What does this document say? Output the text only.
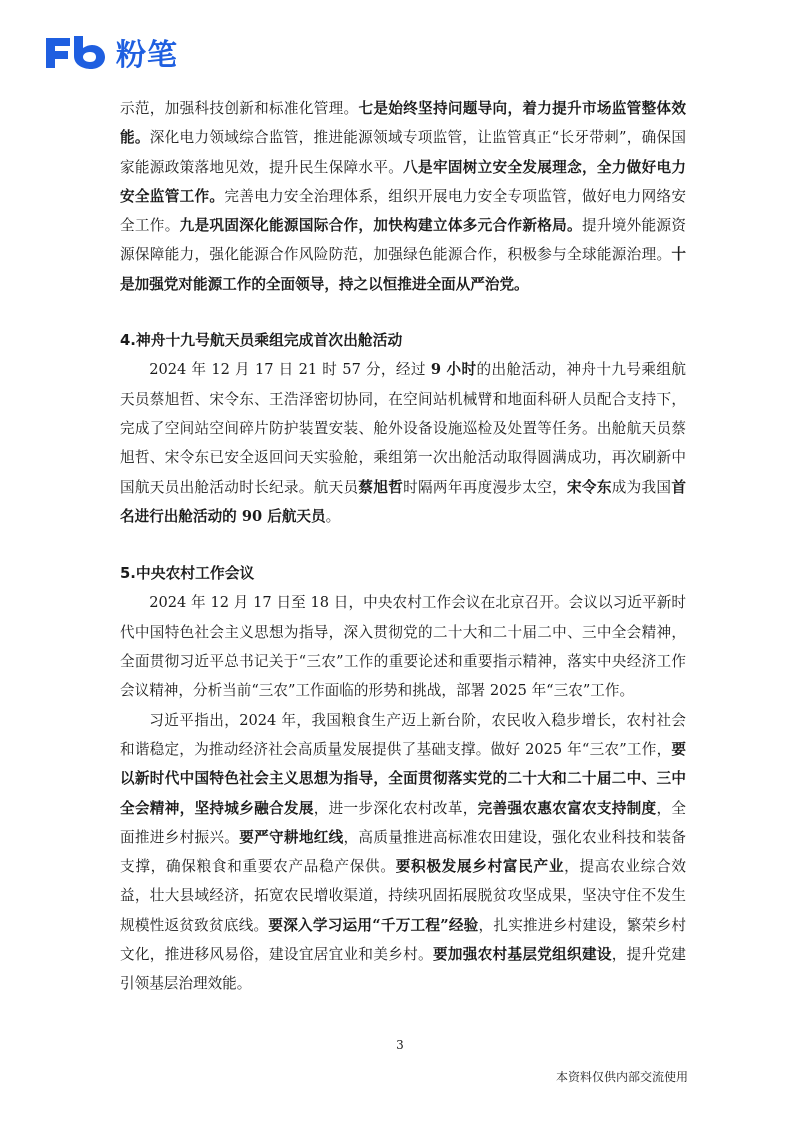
粉笔

示范，加强科技创新和标准化管理。七是始终坚持问题导向，着力提升市场监管整体效能。深化电力领域综合监管，推进能源领域专项监管，让监管真正“长牙带刺”，确保国家能源政策落地见效，提升民生保障水平。八是牢固树立安全发展理念，全力做好电力安全监管工作。完善电力安全治理体系，组织开展电力安全专项监管，做好电力网络安全工作。九是巩固深化能源国际合作，加快构建立体多元合作新格局。提升境外能源资源保障能力，强化能源合作风险防范，加强绿色能源合作，积极参与全球能源治理。十是加强党对能源工作的全面领导，持之以恒推进全面从严治党。

4.神舟十九号航天员乘组完成首次出舱活动

2024 年 12 月 17 日 21 时 57 分，经过 9 小时的出舱活动，神舟十九号乘组航天员蔡旭哲、宋令东、王浩泽密切协同，在空间站机械臂和地面科研人员配合支持下，完成了空间站空间碎片防护装置安装、舱外设备设施巡检及处置等任务。出舱航天员蔡旭哲、宋令东已安全返回问天实验舱，乘组第一次出舱活动取得圆满成功，再次刷新中国航天员出舱活动时长纪录。航天员蔡旭哲时隔两年再度漫步太空，宋令东成为我国首名进行出舱活动的 90 后航天员。

5.中央农村工作会议

2024 年 12 月 17 日至 18 日，中央农村工作会议在北京召开。会议以习近平新时代中国特色社会主义思想为指导，深入贯彻党的二十大和二十届二中、三中全会精神，全面贯彻习近平总书记关于“三农”工作的重要论述和重要指示精神，落实中央经济工作会议精神，分析当前“三农”工作面临的形势和挑战，部署 2025 年“三农”工作。

习近平指出，2024 年，我国粮食生产迈上新台阶，农民收入稳步增长，农村社会和谐稳定，为推动经济社会高质量发展提供了基础支撑。做好 2025 年“三农”工作，要以新时代中国特色社会主义思想为指导，全面贯彻落实党的二十大和二十届二中、三中全会精神，坚持城乡融合发展，进一步深化农村改革，完善强农惠农富农支持制度，全面推进乡村振兴。要严守耕地红线，高质量推进高标准农田建设，强化农业科技和装备支撑，确保粮食和重要农产品稳产保供。要积极发展乡村富民产业，提高农业综合效益，壮大县域经济，拓宽农民增收渠道，持续巩固拓展脱贫攻坚成果，坚决守住不发生规模性返贫致贫底线。要深入学习运用“千万工程”经验，扎实推进乡村建设，繁荣乡村文化，推进移风易俗，建设宜居宜业和美乡村。要加强农村基层党组织建设，提升党建引领基层治理效能。

3
本资料仅供内部交流使用
